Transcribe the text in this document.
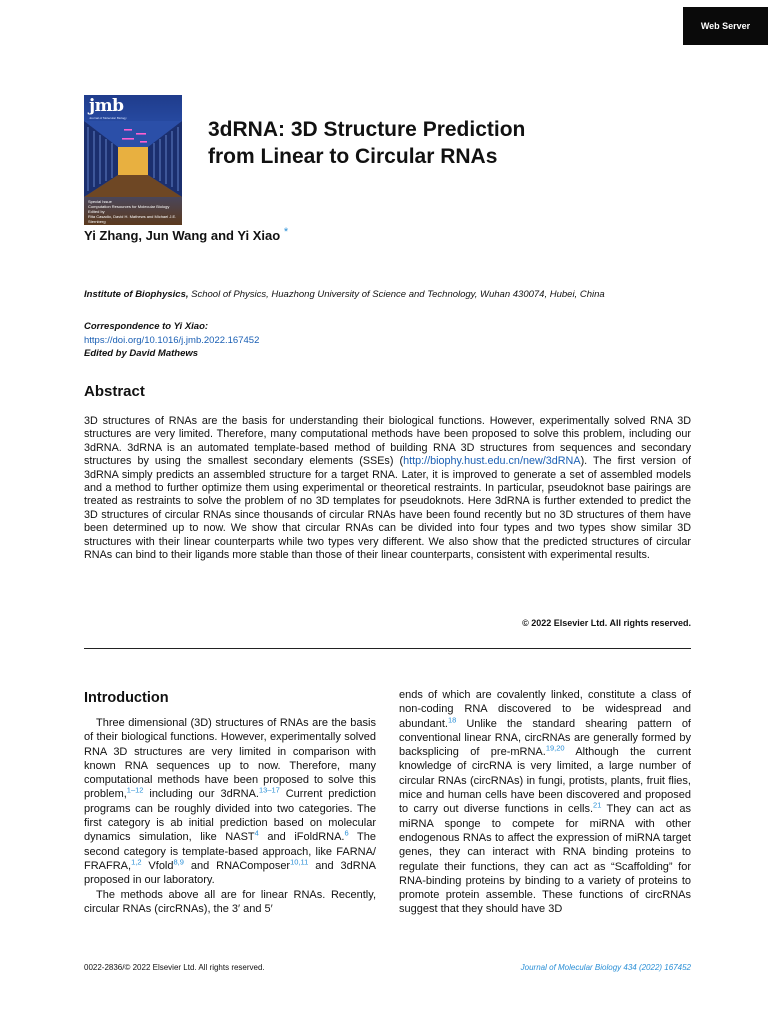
Web Server
jmb
Journal of Molecular Biology
Special Issue
Computation Resources for Molecular Biology
Edited by
Rita Casadio, David H. Mathews and Michael J.E. Sternberg
3dRNA: 3D Structure Prediction
from Linear to Circular RNAs
Yi Zhang, Jun Wang and Yi Xiao *
Institute of Biophysics, School of Physics, Huazhong University of Science and Technology, Wuhan 430074, Hubei, China
Correspondence to Yi Xiao:
https://doi.org/10.1016/j.jmb.2022.167452
Edited by David Mathews
Abstract

3D structures of RNAs are the basis for understanding their biological functions. However, experimentally solved RNA 3D structures are very limited. Therefore, many computational methods have been proposed to solve this problem, including our 3dRNA. 3dRNA is an automated template-based method of building RNA 3D structures from sequences and secondary structures by using the smallest secondary elements (SSEs) (http://biophy.hust.edu.cn/new/3dRNA). The first version of 3dRNA simply predicts an assembled structure for a target RNA. Later, it is improved to generate a set of assembled models and a method to further optimize them using experimental or theoretical restraints. In particular, pseudoknot base pairings are treated as restraints to solve the problem of no 3D templates for pseudoknots. Here 3dRNA is further extended to predict the 3D structures of circular RNAs since thousands of circular RNAs have been found recently but no 3D structures of them have been determined up to now. We show that circular RNAs can be divided into four types and two types show similar 3D structures with their linear counterparts while two types very different. We also show that the predicted structures of circular RNAs can bind to their ligands more stable than those of their linear counterparts, consistent with experimental results.

© 2022 Elsevier Ltd. All rights reserved.
Introduction

Three dimensional (3D) structures of RNAs are the basis of their biological functions. However, experimentally solved RNA 3D structures are very limited in comparison with known RNA sequences up to now. Therefore, many computational methods have been proposed to solve this problem,$^{1-12}$ including our 3dRNA.$^{13-17}$ Current prediction programs can be roughly divided into two categories. The first category is ab initial prediction based on molecular dynamics simulation, like NAST$^4$ and iFoldRNA.$^6$ The second category is template-based approach, like FARNA/ FRAFRA,$^{1,2}$ Vfold$^{8,9}$ and RNAComposer$^{10,11}$ and 3dRNA proposed in our laboratory.

The methods above all are for linear RNAs. Recently, circular RNAs (circRNAs), the 3′ and 5′

ends of which are covalently linked, constitute a class of non-coding RNA discovered to be widespread and abundant.$^{18}$ Unlike the standard shearing pattern of conventional linear RNA, circRNAs are generally formed by backsplicing of pre-mRNA.$^{19,20}$ Although the current knowledge of circRNA is very limited, a large number of circular RNAs (circRNAs) in fungi, protists, plants, fruit flies, mice and human cells have been discovered and proposed to carry out diverse functions in cells.$^{21}$ They can act as miRNA sponge to compete for miRNA with other endogenous RNAs to affect the expression of miRNA target genes, they can interact with RNA binding proteins to regulate their functions, they can act as “Scaffolding” for RNA-binding proteins by binding to a variety of proteins to promote protein assemble. These functions of circRNAs suggest that they should have 3D

0022-2836/© 2022 Elsevier Ltd. All rights reserved.	Journal of Molecular Biology 434 (2022) 167452
